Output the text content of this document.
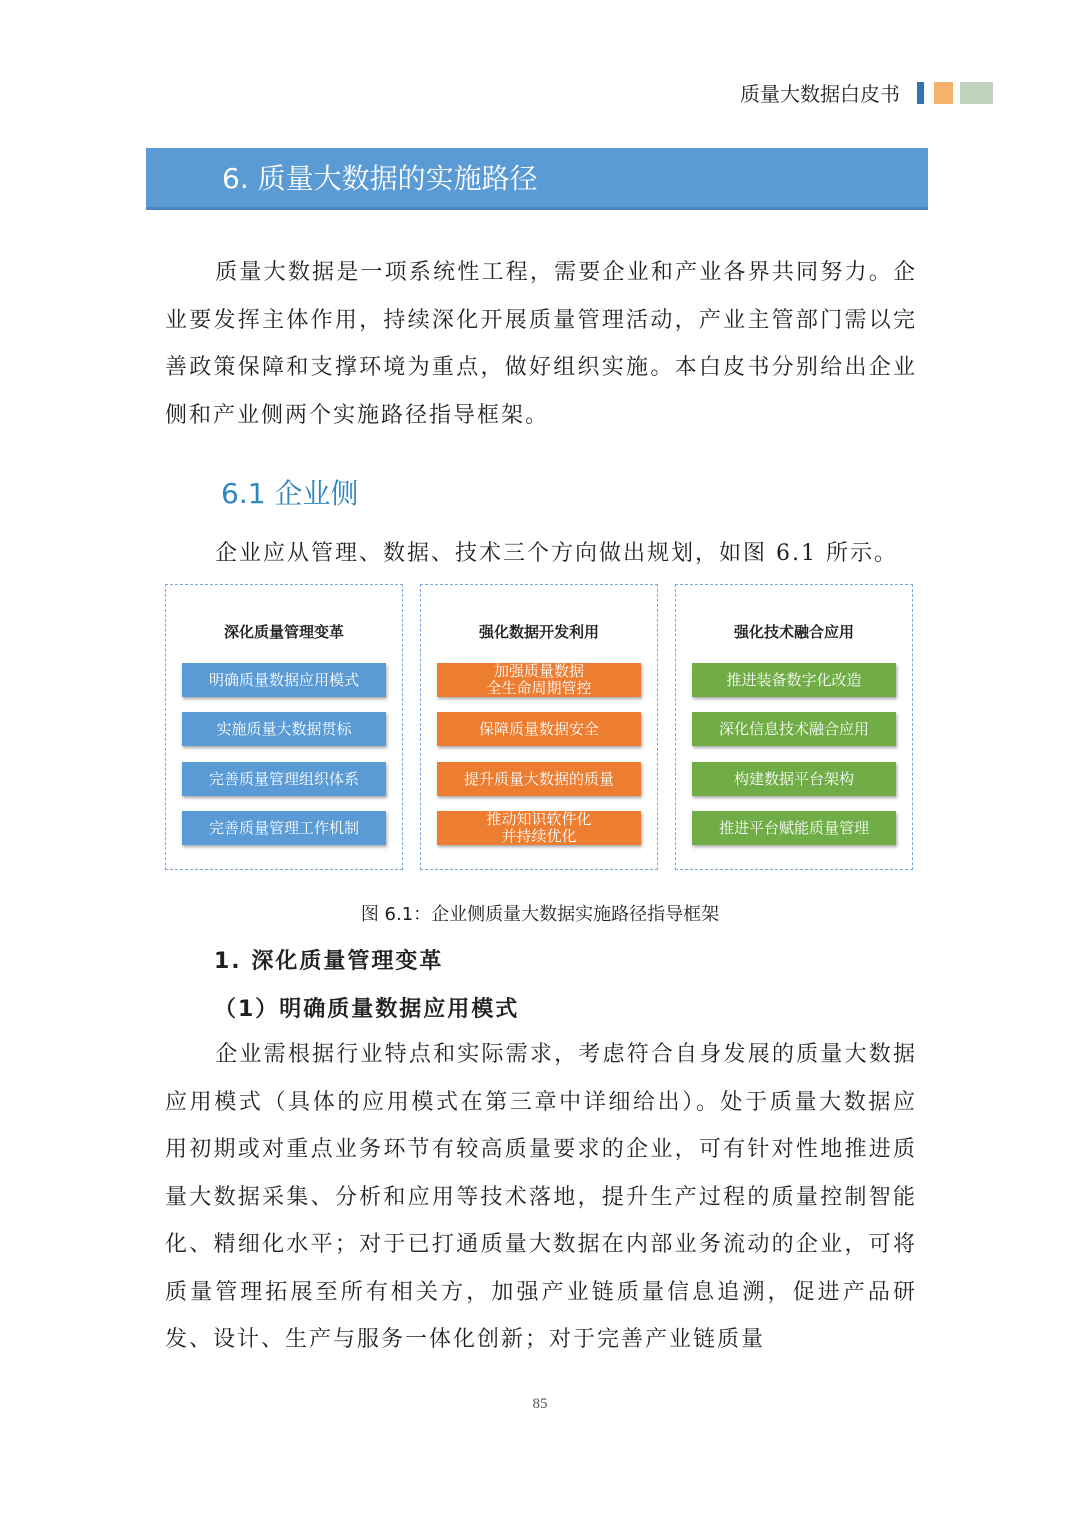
质量大数据白皮书
6. 质量大数据的实施路径

质量大数据是一项系统性工程，需要企业和产业各界共同努力。企业要发挥主体作用，持续深化开展质量管理活动，产业主管部门需以完善政策保障和支撑环境为重点，做好组织实施。本白皮书分别给出企业侧和产业侧两个实施路径指导框架。

6.1 企业侧

企业应从管理、数据、技术三个方向做出规划，如图 6.1 所示。

深化质量管理变革
明确质量数据应用模式
实施质量大数据贯标
完善质量管理组织体系
完善质量管理工作机制
强化数据开发利用
加强质量数据
全生命周期管控
保障质量数据安全
提升质量大数据的质量
推动知识软件化
并持续优化
强化技术融合应用
推进装备数字化改造
深化信息技术融合应用
构建数据平台架构
推进平台赋能质量管理
图 6.1：企业侧质量大数据实施路径指导框架
1. 深化质量管理变革
（1）明确质量数据应用模式

企业需根据行业特点和实际需求，考虑符合自身发展的质量大数据应用模式（具体的应用模式在第三章中详细给出）。处于质量大数据应用初期或对重点业务环节有较高质量要求的企业，可有针对性地推进质量大数据采集、分析和应用等技术落地，提升生产过程的质量控制智能化、精细化水平；对于已打通质量大数据在内部业务流动的企业，可将质量管理拓展至所有相关方，加强产业链质量信息追溯，促进产品研发、设计、生产与服务一体化创新；对于完善产业链质量

85
